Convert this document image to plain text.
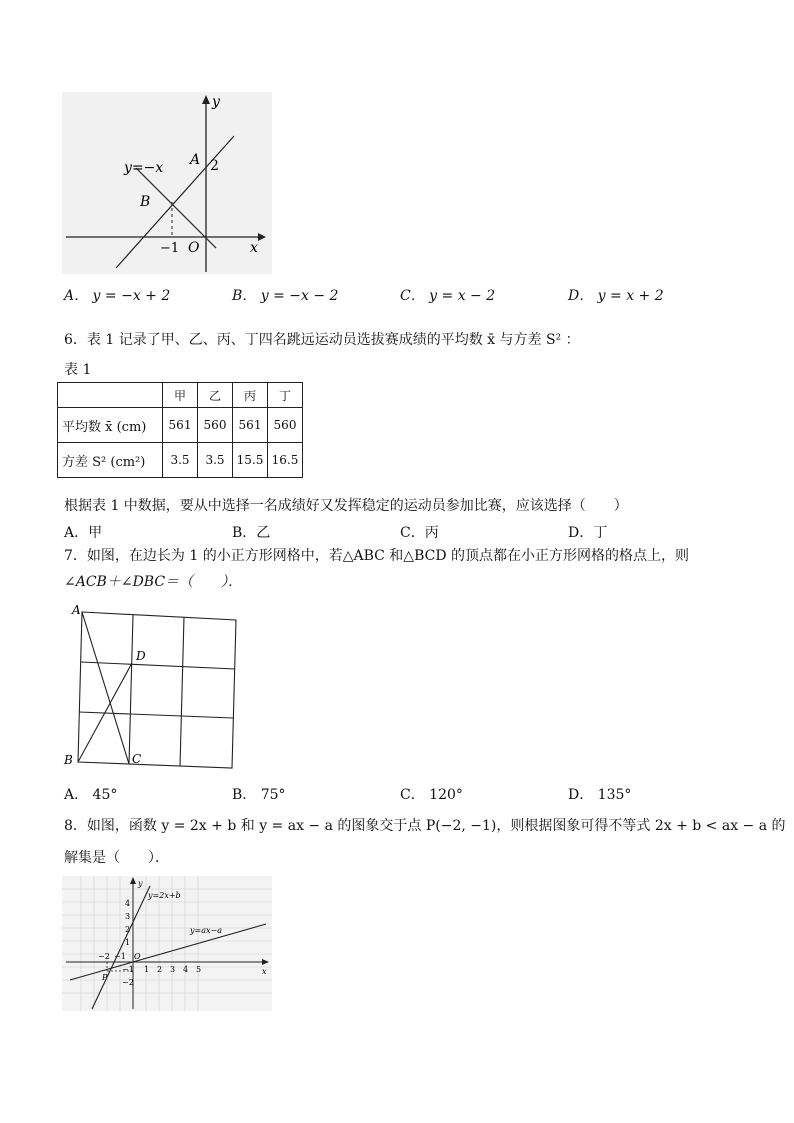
y
x
y=−x A 2
B
−1 O
A． y = −x + 2	B． y = −x − 2	C． y = x − 2	D． y = x + 2
6．表 1 记录了甲、乙、丙、丁四名跳远运动员选拔赛成绩的平均数 x̄ 与方差 S² ：
表 1
	甲	乙	丙	丁
平均数 x̄ (cm)	561	560	561	560
方差 S² (cm²)	3.5	3.5	15.5	16.5
根据表 1 中数据，要从中选择一名成绩好又发挥稳定的运动员参加比赛，应该选择（　　）
A．甲	B．乙	C．丙	D．丁
7．如图，在边长为 1 的小正方形网格中，若△ABC 和△BCD 的顶点都在小正方形网格的格点上，则
∠ACB＋∠DBC＝（　　）．
A
D
B	C
A． 45°	B． 75°	C． 120°	D． 135°
8．如图，函数 y = 2x + b 和 y = ax − a 的图象交于点 P(−2, −1)，则根据图象可得不等式 2x + b < ax − a 的
解集是（　　）．
y
x
y=2x+b
y=ax−a
O
P
4
3
2
1
−1
−2
1 2 3 4 5
−2 −1
